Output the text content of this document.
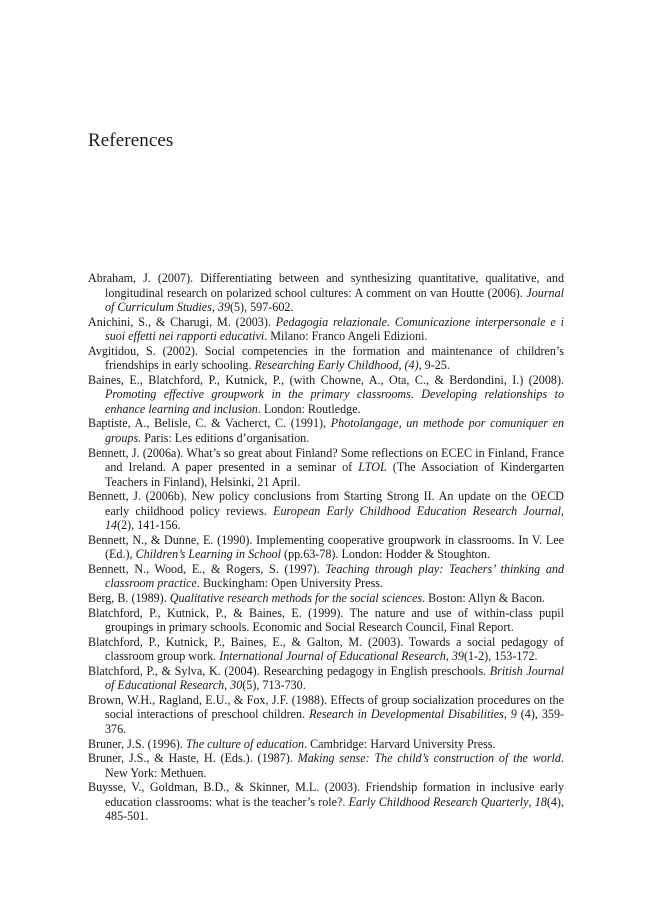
References
Abraham, J. (2007). Differentiating between and synthesizing quantitative, qualitative, and longitudinal research on polarized school cultures: A comment on van Houtte (2006). Journal of Curriculum Studies, 39(5), 597-602.
Anichini, S., & Charugi, M. (2003). Pedagogia relazionale. Comunicazione interpersonale e i suoi effetti nei rapporti educativi. Milano: Franco Angeli Edizioni.
Avgitidou, S. (2002). Social competencies in the formation and maintenance of children’s friendships in early schooling. Researching Early Childhood, (4), 9-25.
Baines, E., Blatchford, P., Kutnick, P., (with Chowne, A., Ota, C., & Berdondini, I.) (2008). Promoting effective groupwork in the primary classrooms. Developing relationships to enhance learning and inclusion. London: Routledge.
Baptiste, A., Belisle, C. & Vacherct, C. (1991), Photolangage, un methode por comuniquer en groups. Paris: Les editions d’organisation.
Bennett, J. (2006a). What’s so great about Finland? Some reflections on ECEC in Finland, France and Ireland. A paper presented in a seminar of LTOL (The Association of Kindergarten Teachers in Finland), Helsinki, 21 April.
Bennett, J. (2006b). New policy conclusions from Starting Strong II. An update on the OECD early childhood policy reviews. European Early Childhood Education Research Journal, 14(2), 141-156.
Bennett, N., & Dunne, E. (1990). Implementing cooperative groupwork in classrooms. In V. Lee (Ed.), Children’s Learning in School (pp.63-78). London: Hodder & Stoughton.
Bennett, N., Wood, E., & Rogers, S. (1997). Teaching through play: Teachers’ thinking and classroom practice. Buckingham: Open University Press.
Berg, B. (1989). Qualitative research methods for the social sciences. Boston: Allyn & Bacon.
Blatchford, P., Kutnick, P., & Baines, E. (1999). The nature and use of within-class pupil groupings in primary schools. Economic and Social Research Council, Final Report.
Blatchford, P., Kutnick, P., Baines, E., & Galton, M. (2003). Towards a social pedagogy of classroom group work. International Journal of Educational Research, 39(1-2), 153-172.
Blatchford, P., & Sylva, K. (2004). Researching pedagogy in English preschools. British Journal of Educational Research, 30(5), 713-730.
Brown, W.H., Ragland, E.U., & Fox, J.F. (1988). Effects of group socialization procedures on the social interactions of preschool children. Research in Developmental Disabilities, 9 (4), 359-376.
Bruner, J.S. (1996). The culture of education. Cambridge: Harvard University Press.
Bruner, J.S., & Haste, H. (Eds.). (1987). Making sense: The child’s construction of the world. New York: Methuen.
Buysse, V., Goldman, B.D., & Skinner, M.L. (2003). Friendship formation in inclusive early education classrooms: what is the teacher’s role?. Early Childhood Research Quarterly, 18(4), 485-501.
